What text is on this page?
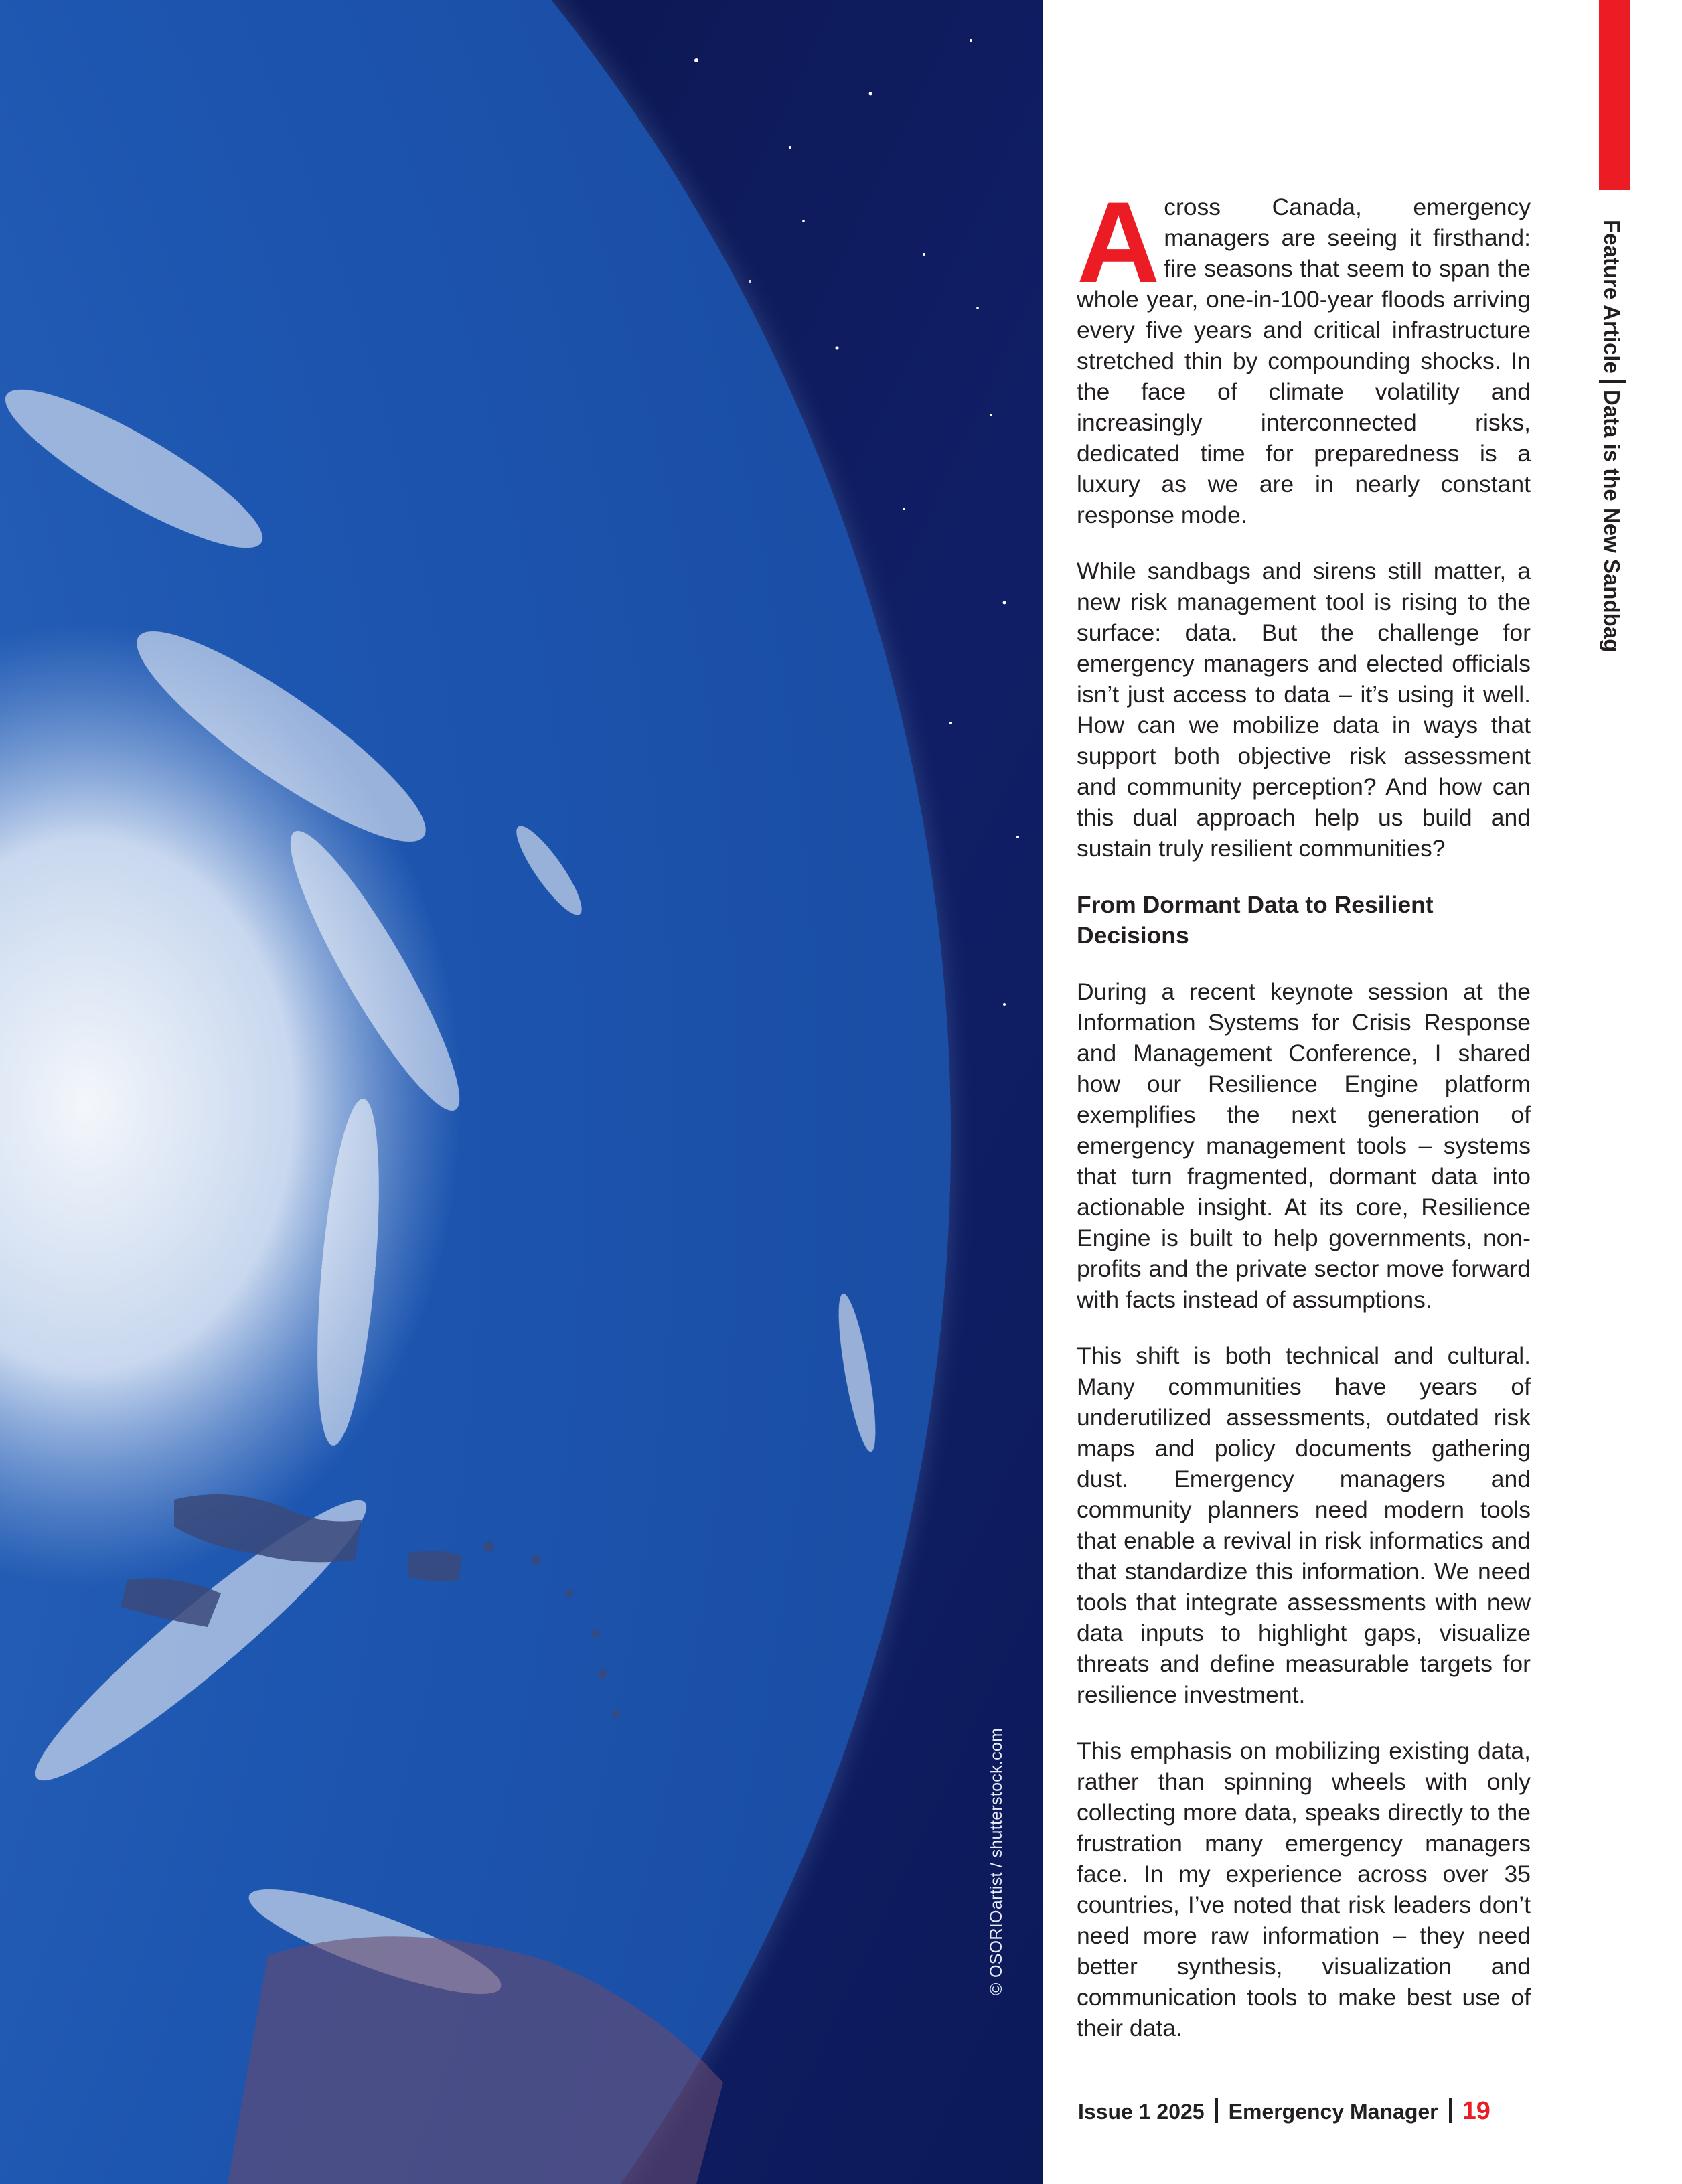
© OSORIOartist / shutterstock.com
Feature ArticleData is the New Sandbag

Across Canada, emergency managers are seeing it firsthand: fire seasons that seem to span the whole year, one-in-100-year floods arriving every five years and critical infrastructure stretched thin by compounding shocks. In the face of climate volatility and increasingly interconnected risks, dedicated time for preparedness is a luxury as we are in nearly constant response mode.

While sandbags and sirens still matter, a new risk management tool is rising to the surface: data. But the challenge for emergency managers and elected officials isn’t just access to data – it’s using it well. How can we mobilize data in ways that support both objective risk assessment and community perception? And how can this dual approach help us build and sustain truly resilient communities?

From Dormant Data to Resilient Decisions

During a recent keynote session at the Information Systems for Crisis Response and Management Conference, I shared how our Resilience Engine platform exemplifies the next generation of emergency management tools – systems that turn fragmented, dormant data into actionable insight. At its core, Resilience Engine is built to help governments, non-profits and the private sector move forward with facts instead of assumptions.

This shift is both technical and cultural. Many communities have years of underutilized assessments, outdated risk maps and policy documents gathering dust. Emergency managers and community planners need modern tools that enable a revival in risk informatics and that standardize this information. We need tools that integrate assessments with new data inputs to highlight gaps, visualize threats and define measurable targets for resilience investment.

This emphasis on mobilizing existing data, rather than spinning wheels with only collecting more data, speaks directly to the frustration many emergency managers face. In my experience across over 35 countries, I’ve noted that risk leaders don’t need more raw information – they need better synthesis, visualization and communication tools to make best use of their data.

Issue 1 2025 Emergency Manager 19
